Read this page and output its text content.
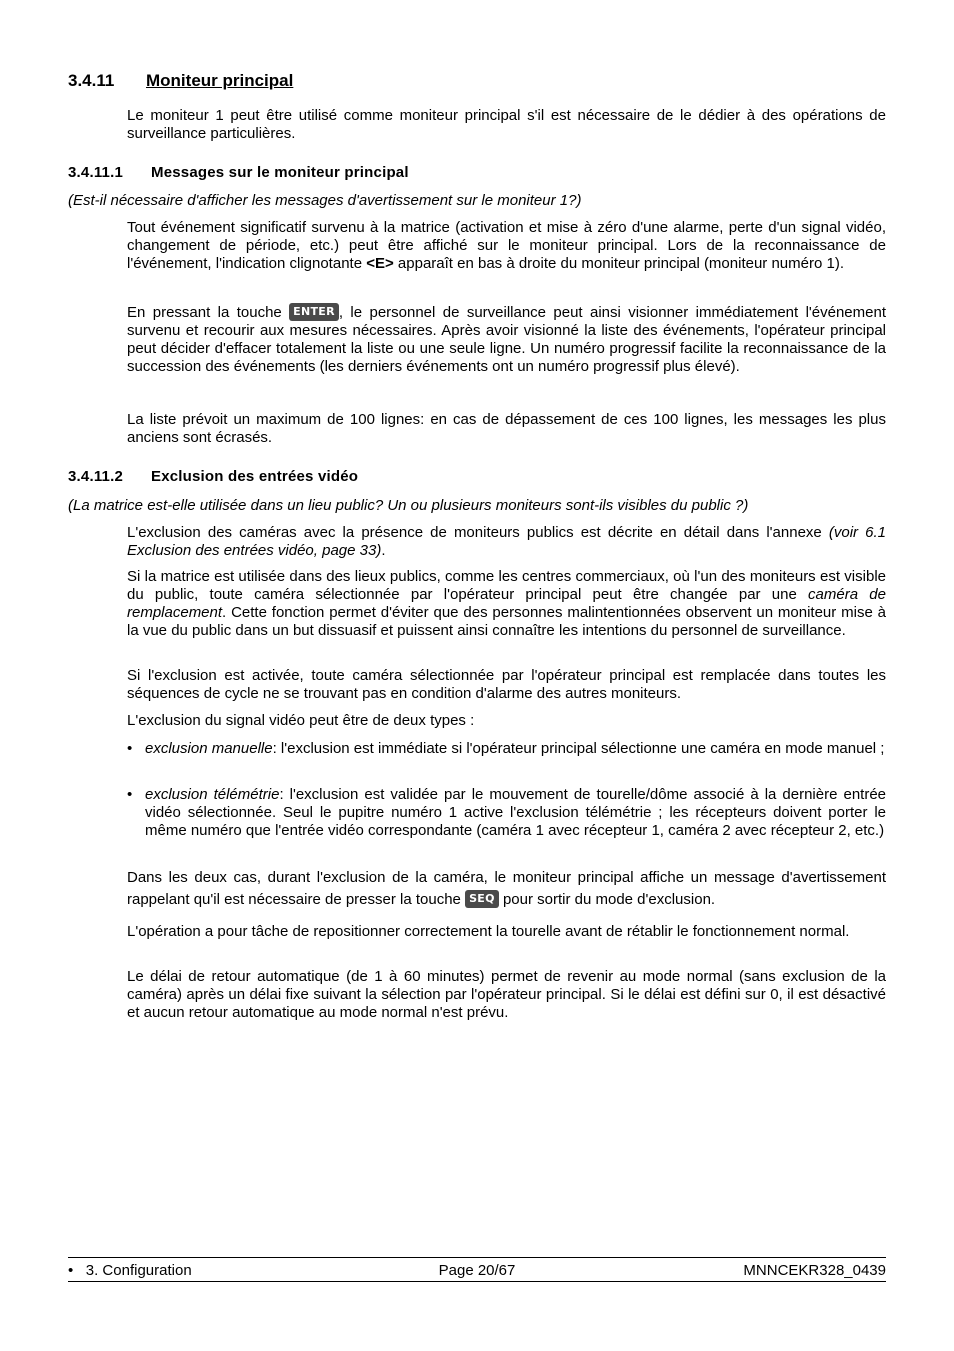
3.4.11 Moniteur principal

Le moniteur 1 peut être utilisé comme moniteur principal s'il est nécessaire de le dédier à des opérations de surveillance particulières.

3.4.11.1 Messages sur le moniteur principal

(Est-il nécessaire d'afficher les messages d'avertissement sur le moniteur 1?)

Tout événement significatif survenu à la matrice (activation et mise à zéro d'une alarme, perte d'un signal vidéo, changement de période, etc.) peut être affiché sur le moniteur principal. Lors de la reconnaissance de l'événement, l'indication clignotante <E> apparaît en bas à droite du moniteur principal (moniteur numéro 1).

En pressant la touche ENTER , le personnel de surveillance peut ainsi visionner immédiatement l'événement survenu et recourir aux mesures nécessaires. Après avoir visionné la liste des événements, l'opérateur principal peut décider d'effacer totalement la liste ou une seule ligne. Un numéro progressif facilite la reconnaissance de la succession des événements (les derniers événements ont un numéro progressif plus élevé).

La liste prévoit un maximum de 100 lignes: en cas de dépassement de ces 100 lignes, les messages les plus anciens sont écrasés.

3.4.11.2 Exclusion des entrées vidéo

(La matrice est-elle utilisée dans un lieu public? Un ou plusieurs moniteurs sont-ils visibles du public ?)

L'exclusion des caméras avec la présence de moniteurs publics est décrite en détail dans l'annexe (voir 6.1 Exclusion des entrées vidéo, page 33).

Si la matrice est utilisée dans des lieux publics, comme les centres commerciaux, où l'un des moniteurs est visible du public, toute caméra sélectionnée par l'opérateur principal peut être changée par une caméra de remplacement. Cette fonction permet d'éviter que des personnes malintentionnées observent un moniteur mise à la vue du public dans un but dissuasif et puissent ainsi connaître les intentions du personnel de surveillance.

Si l'exclusion est activée, toute caméra sélectionnée par l'opérateur principal est remplacée dans toutes les séquences de cycle ne se trouvant pas en condition d'alarme des autres moniteurs.

L'exclusion du signal vidéo peut être de deux types :

• exclusion manuelle: l'exclusion est immédiate si l'opérateur principal sélectionne une caméra en mode manuel ;
• exclusion télémétrie: l'exclusion est validée par le mouvement de tourelle/dôme associé à la dernière entrée vidéo sélectionnée. Seul le pupitre numéro 1 active l'exclusion télémétrie ; les récepteurs doivent porter le même numéro que l'entrée vidéo correspondante (caméra 1 avec récepteur 1, caméra 2 avec récepteur 2, etc.)

Dans les deux cas, durant l'exclusion de la caméra, le moniteur principal affiche un message d'avertissement rappelant qu'il est nécessaire de presser la touche SEQ pour sortir du mode d'exclusion.

L'opération a pour tâche de repositionner correctement la tourelle avant de rétablir le fonctionnement normal.

Le délai de retour automatique (de 1 à 60 minutes) permet de revenir au mode normal (sans exclusion de la caméra) après un délai fixe suivant la sélection par l'opérateur principal. Si le délai est défini sur 0, il est désactivé et aucun retour automatique au mode normal n'est prévu.

•   3. Configuration	Page 20/67	MNNCEKR328_0439
